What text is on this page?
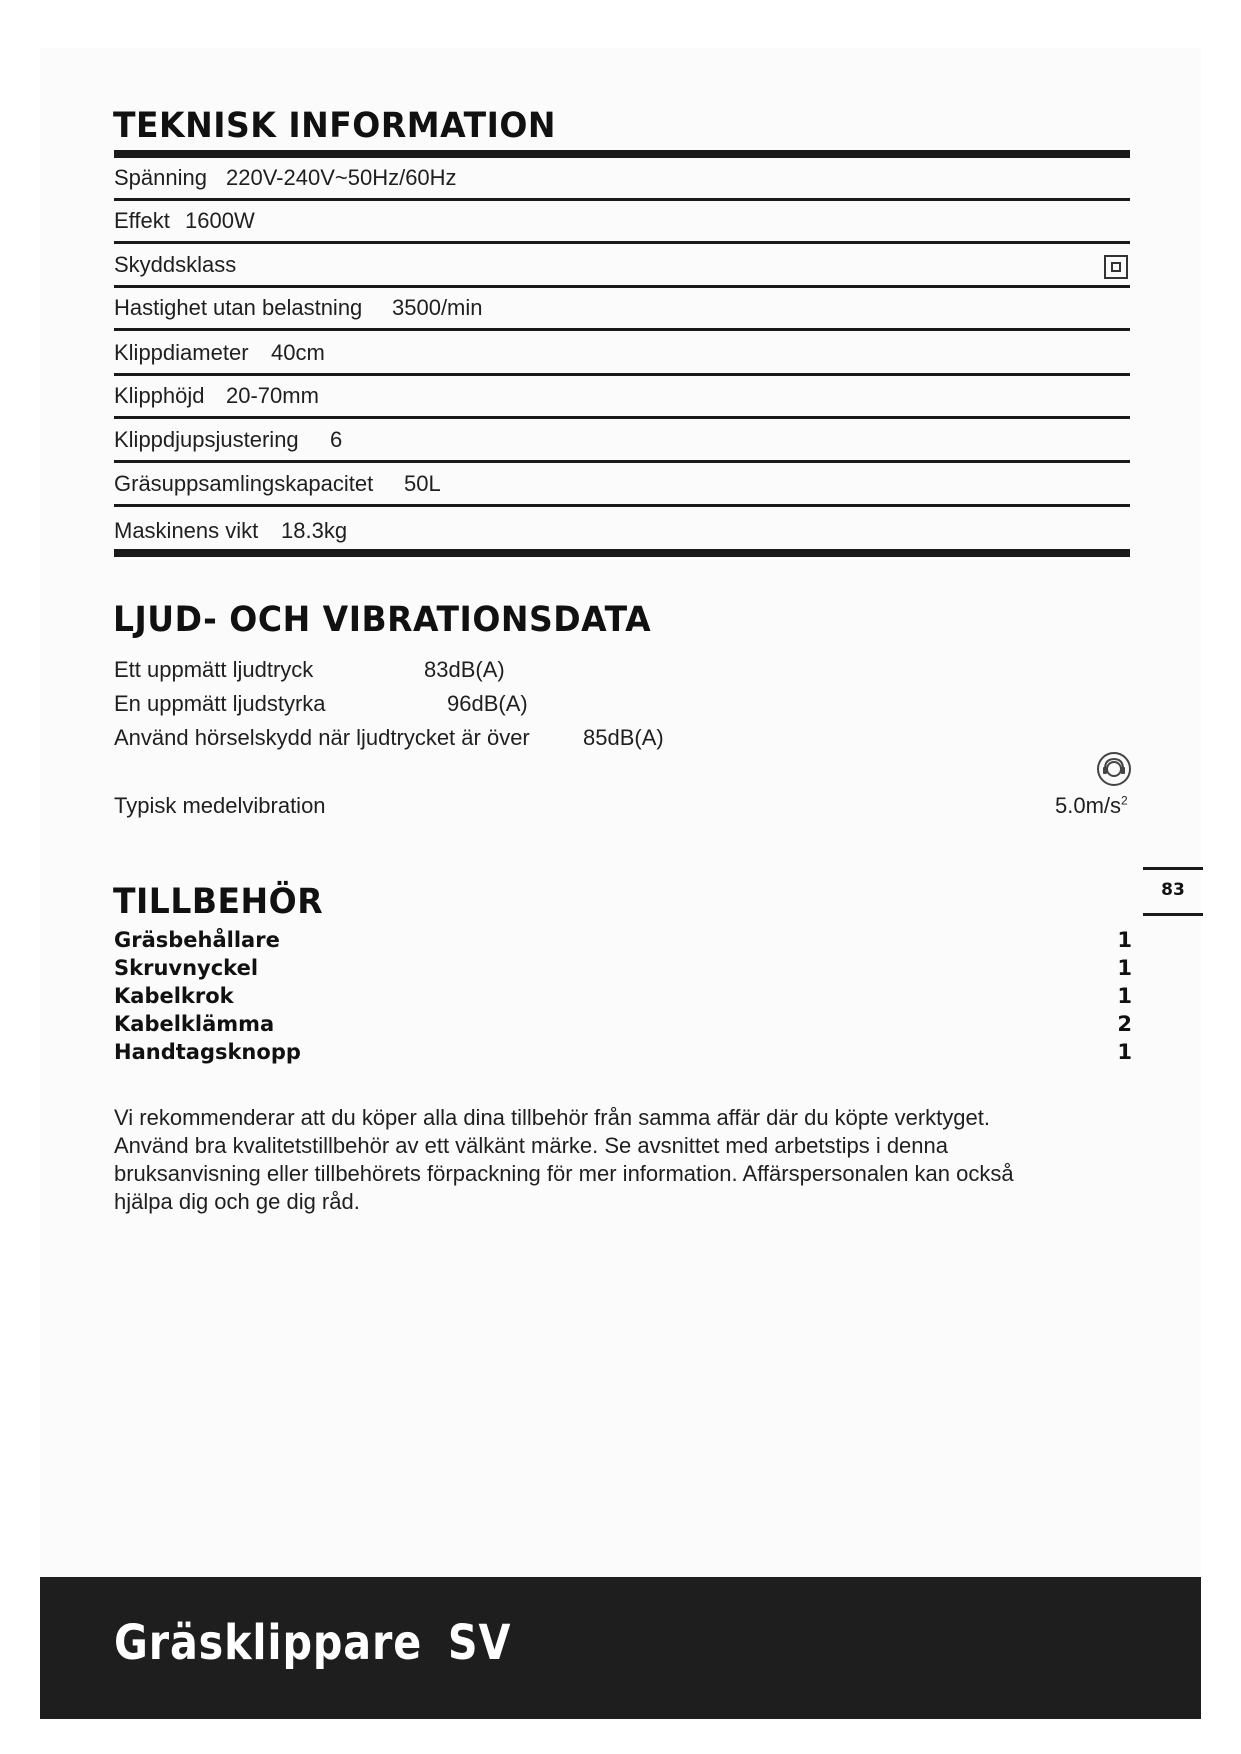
TEKNISK INFORMATION
Spänning 220V-240V~50Hz/60Hz
Effekt 1600W
Skyddsklass
Hastighet utan belastning 3500/min
Klippdiameter 40cm
Klipphöjd 20-70mm
Klippdjupsjustering 6
Gräsuppsamlingskapacitet 50L
Maskinens vikt 18.3kg
LJUD- OCH VIBRATIONSDATA
Ett uppmätt ljudtryck	83dB(A)
En uppmätt ljudstyrka	96dB(A)
Använd hörselskydd när ljudtrycket är över 85dB(A)
Typisk medelvibration	$5.0m/s^2$
83
TILLBEHÖR
Gräsbehållare	1
Skruvnyckel	1
Kabelkrok	1
Kabelklämma	2
Handtagsknopp	1
Vi rekommenderar att du köper alla dina tillbehör från samma affär där du köpte verktyget.
Använd bra kvalitetstillbehör av ett välkänt märke. Se avsnittet med arbetstips i denna
bruksanvisning eller tillbehörets förpackning för mer information. Affärspersonalen kan också
hjälpa dig och ge dig råd.
Gräsklippare SV
